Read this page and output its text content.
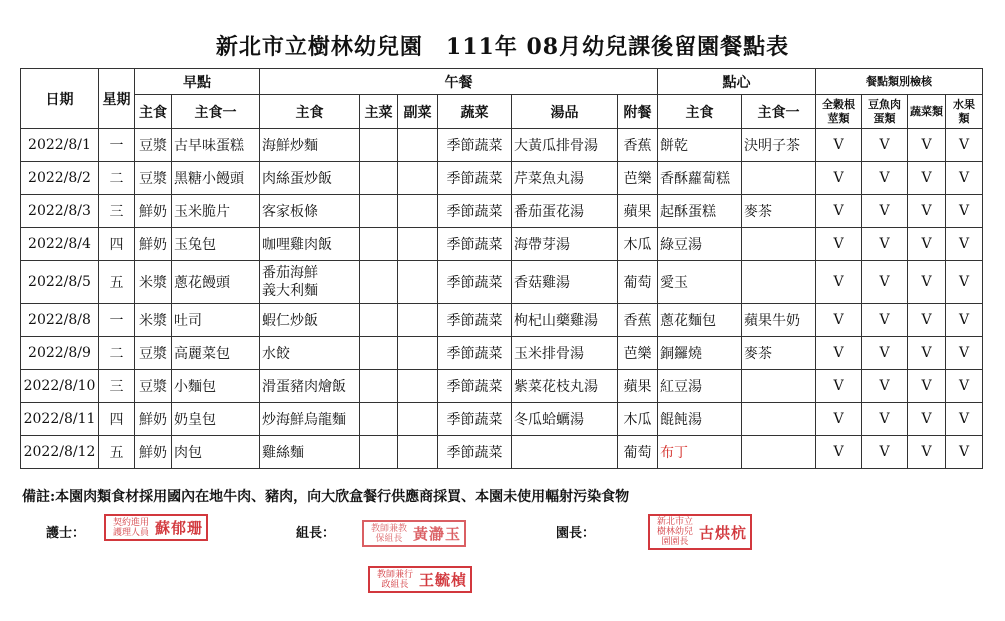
新北市立樹林幼兒園　111年 08月幼兒課後留園餐點表
日期	星期	早點		午餐						點心		餐點類別檢核			
		主食	主食一	主食	主菜	副菜	蔬菜	湯品	附餐	主食	主食一	全穀根莖類	豆魚肉蛋類	蔬菜類	水果類
2022/8/1	一	豆漿	古早味蛋糕	海鮮炒麵			季節蔬菜	大黃瓜排骨湯	香蕉	餅乾	決明子茶	V	V	V	V
2022/8/2	二	豆漿	黑糖小饅頭	肉絲蛋炒飯			季節蔬菜	芹菜魚丸湯	芭樂	香酥蘿蔔糕		V	V	V	V
2022/8/3	三	鮮奶	玉米脆片	客家板條			季節蔬菜	番茄蛋花湯	蘋果	起酥蛋糕	麥茶	V	V	V	V
2022/8/4	四	鮮奶	玉兔包	咖哩雞肉飯			季節蔬菜	海帶芽湯	木瓜	綠豆湯		V	V	V	V
2022/8/5	五	米漿	蔥花饅頭	番茄海鮮
義大利麵			季節蔬菜	香菇雞湯	葡萄	愛玉		V	V	V	V
2022/8/8	一	米漿	吐司	蝦仁炒飯			季節蔬菜	枸杞山藥雞湯	香蕉	蔥花麵包	蘋果牛奶	V	V	V	V
2022/8/9	二	豆漿	高麗菜包	水餃			季節蔬菜	玉米排骨湯	芭樂	銅鑼燒	麥茶	V	V	V	V
2022/8/10	三	豆漿	小麵包	滑蛋豬肉燴飯			季節蔬菜	紫菜花枝丸湯	蘋果	紅豆湯		V	V	V	V
2022/8/11	四	鮮奶	奶皇包	炒海鮮烏龍麵			季節蔬菜	冬瓜蛤蠣湯	木瓜	餛飩湯		V	V	V	V
2022/8/12	五	鮮奶	肉包	雞絲麵			季節蔬菜		葡萄	布丁		V	V	V	V
備註:本園肉類食材採用國內在地牛肉、豬肉，向大欣盒餐行供應商採買、本園未使用輻射污染食物
護士：
契約進用護理人員 蘇郁珊	組長：	教師兼教保組長 黃瀞玉	園長：
新北市立樹林幼兒園園長
古烘杭
教師兼行政組長 王毓楨
